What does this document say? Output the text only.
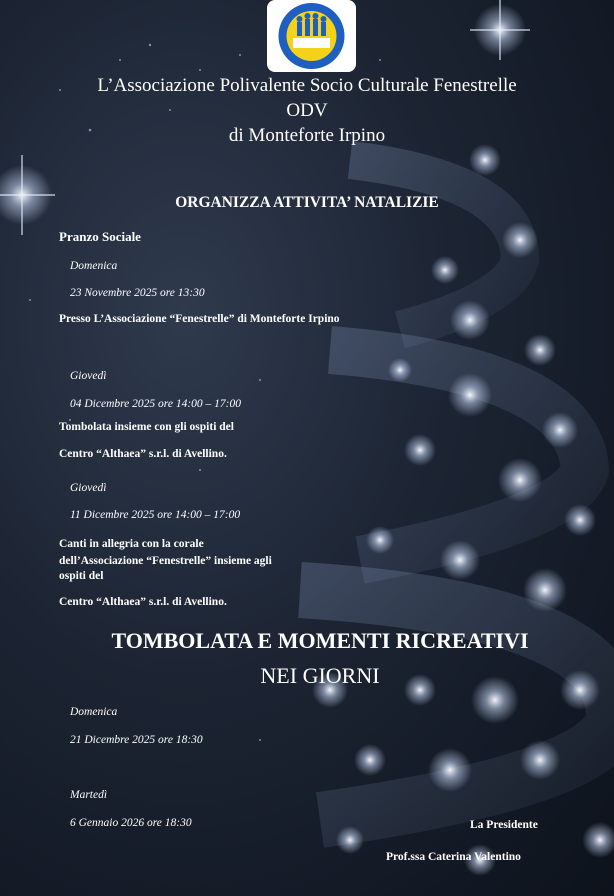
L’Associazione Polivalente Socio Culturale Fenestrelle
ODV
di Monteforte Irpino
ORGANIZZA ATTIVITA’ NATALIZIE
Pranzo Sociale
Domenica
23 Novembre 2025 ore 13:30
Presso L’Associazione “Fenestrelle” di Monteforte Irpino
Giovedì
04 Dicembre 2025 ore 14:00 – 17:00
Tombolata insieme con gli ospiti del
Centro “Althaea” s.r.l. di Avellino.
Giovedì
11 Dicembre 2025 ore 14:00 – 17:00
Canti in allegria con la corale
dell’Associazione “Fenestrelle” insieme agli
ospiti del
Centro “Althaea” s.r.l. di Avellino.
TOMBOLATA E MOMENTI RICREATIVI
NEI GIORNI
Domenica
21 Dicembre 2025 ore 18:30
Martedì
6 Gennaio 2026 ore 18:30	La Presidente
Prof.ssa Caterina Valentino
